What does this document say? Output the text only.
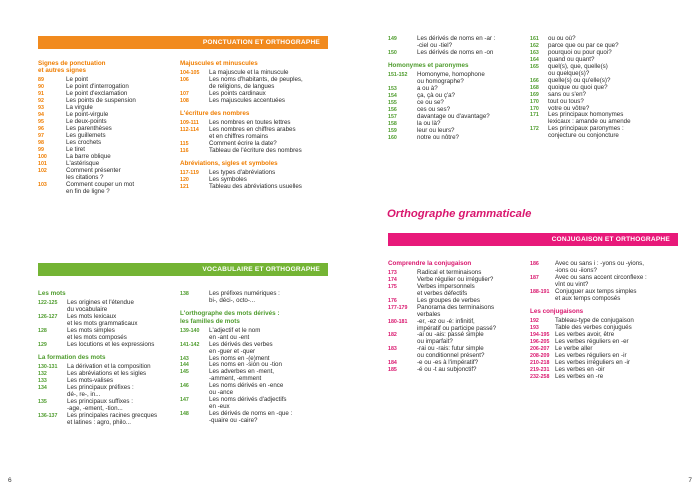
PONCTUATION ET ORTHOGRAPHE
Signes de ponctuation
et autres signes
89	Le point
90	Le point d'interrogation
91	Le point d'exclamation
92	Les points de suspension
93	La virgule
94	Le point-virgule
95	Le deux-points
96	Les parenthèses
97	Les guillemets
98	Les crochets
99	Le tiret
100	La barre oblique
101	L'astérisque
102	Comment présenter
les citations ?
103	Comment couper un mot
en fin de ligne ?
Majuscules et minuscules
104-105	La majuscule et la minuscule
106	Les noms d'habitants, de peuples,
de religions, de langues
107	Les points cardinaux
108	Les majuscules accentuées
L'écriture des nombres
109-111	Les nombres en toutes lettres
112-114	Les nombres en chiffres arabes
et en chiffres romains
115	Comment écrire la date?
116	Tableau de l'écriture des nombres
Abréviations, sigles et symboles
117-119	Les types d'abréviations
120	Les symboles
121	Tableau des abréviations usuelles
VOCABULAIRE ET ORTHOGRAPHE
Les mots
122-125	Les origines et l'étendue
du vocabulaire
126-127	Les mots lexicaux
et les mots grammaticaux
128	Les mots simples
et les mots composés
129	Les locutions et les expressions
La formation des mots
130-131	La dérivation et la composition
132	Les abréviations et les sigles
133	Les mots-valises
134	Les principaux préfixes :
dé-, re-, in...
135	Les principaux suffixes :
-age, -ement, -tion...
136-137	Les principales racines grecques
et latines : agro, philo...
138	Les préfixes numériques :
bi-, déci-, octo-...
L'orthographe des mots dérivés :
les familles de mots
139-140	L'adjectif et le nom
en -ant ou -ent
141-142	Les dérivés des verbes
en -guer et -quer
143	Les noms en -(e)ment
144	Les noms en -sion ou -tion
145	Les adverbes en -ment,
-amment, -emment
146	Les noms dérivés en -ence
ou -ance
147	Les noms dérivés d'adjectifs
en -eux
148	Les dérivés de noms en -que :
-quaire ou -caire?
6
149	Les dérivés de noms en -ar :
-ciel ou -tiel?
150	Les dérivés de noms en -on
Homonymes et paronymes
151-152	Homonyme, homophone
ou homographe?
153	a ou à?
154	ça, çà ou ç'a?
155	ce ou se?
156	ces ou ses?
157	davantage ou d'avantage?
158	la ou là?
159	leur ou leurs?
160	notre ou nôtre?
161	ou ou où?
162	parce que ou par ce que?
163	pourquoi ou pour quoi?
164	quand ou quant?
165	quel(s), que, quelle(s)
ou quelque(s)?
166	quelle(s) ou qu'elle(s)?
168	quoique ou quoi que?
169	sans ou s'en?
170	tout ou tous?
170	votre ou vôtre?
171	Les principaux homonymes
lexicaux : amande ou amende
172	Les principaux paronymes :
conjecture ou conjoncture
Orthographe grammaticale
CONJUGAISON ET ORTHOGRAPHE
Comprendre la conjugaison
173	Radical et terminaisons
174	Verbe régulier ou irrégulier?
175	Verbes impersonnels
et verbes défectifs
176	Les groupes de verbes
177-179	Panorama des terminaisons
verbales
180-181	-er, -ez ou -é: infinitif,
impératif ou participe passé?
182	-ai ou -ais: passé simple
ou imparfait?
183	-rai ou -rais: futur simple
ou conditionnel présent?
184	-e ou -es à l'impératif?
185	-é ou -t au subjonctif?
186	Avec ou sans i : -yons ou -yions,
-ions ou -iions?
187	Avec ou sans accent circonflexe :
vînt ou vint?
188-191 Conjuguer aux temps simples
et aux temps composés
Les conjugaisons
192	Tableau-type de conjugaison
193	Table des verbes conjugués
194-195 Les verbes avoir, être
196-205 Les verbes réguliers en -er
206-207 Le verbe aller
208-209 Les verbes réguliers en -ir
210-218 Les verbes irréguliers en -ir
219-231 Les verbes en -oir
232-258 Les verbes en -re
7
